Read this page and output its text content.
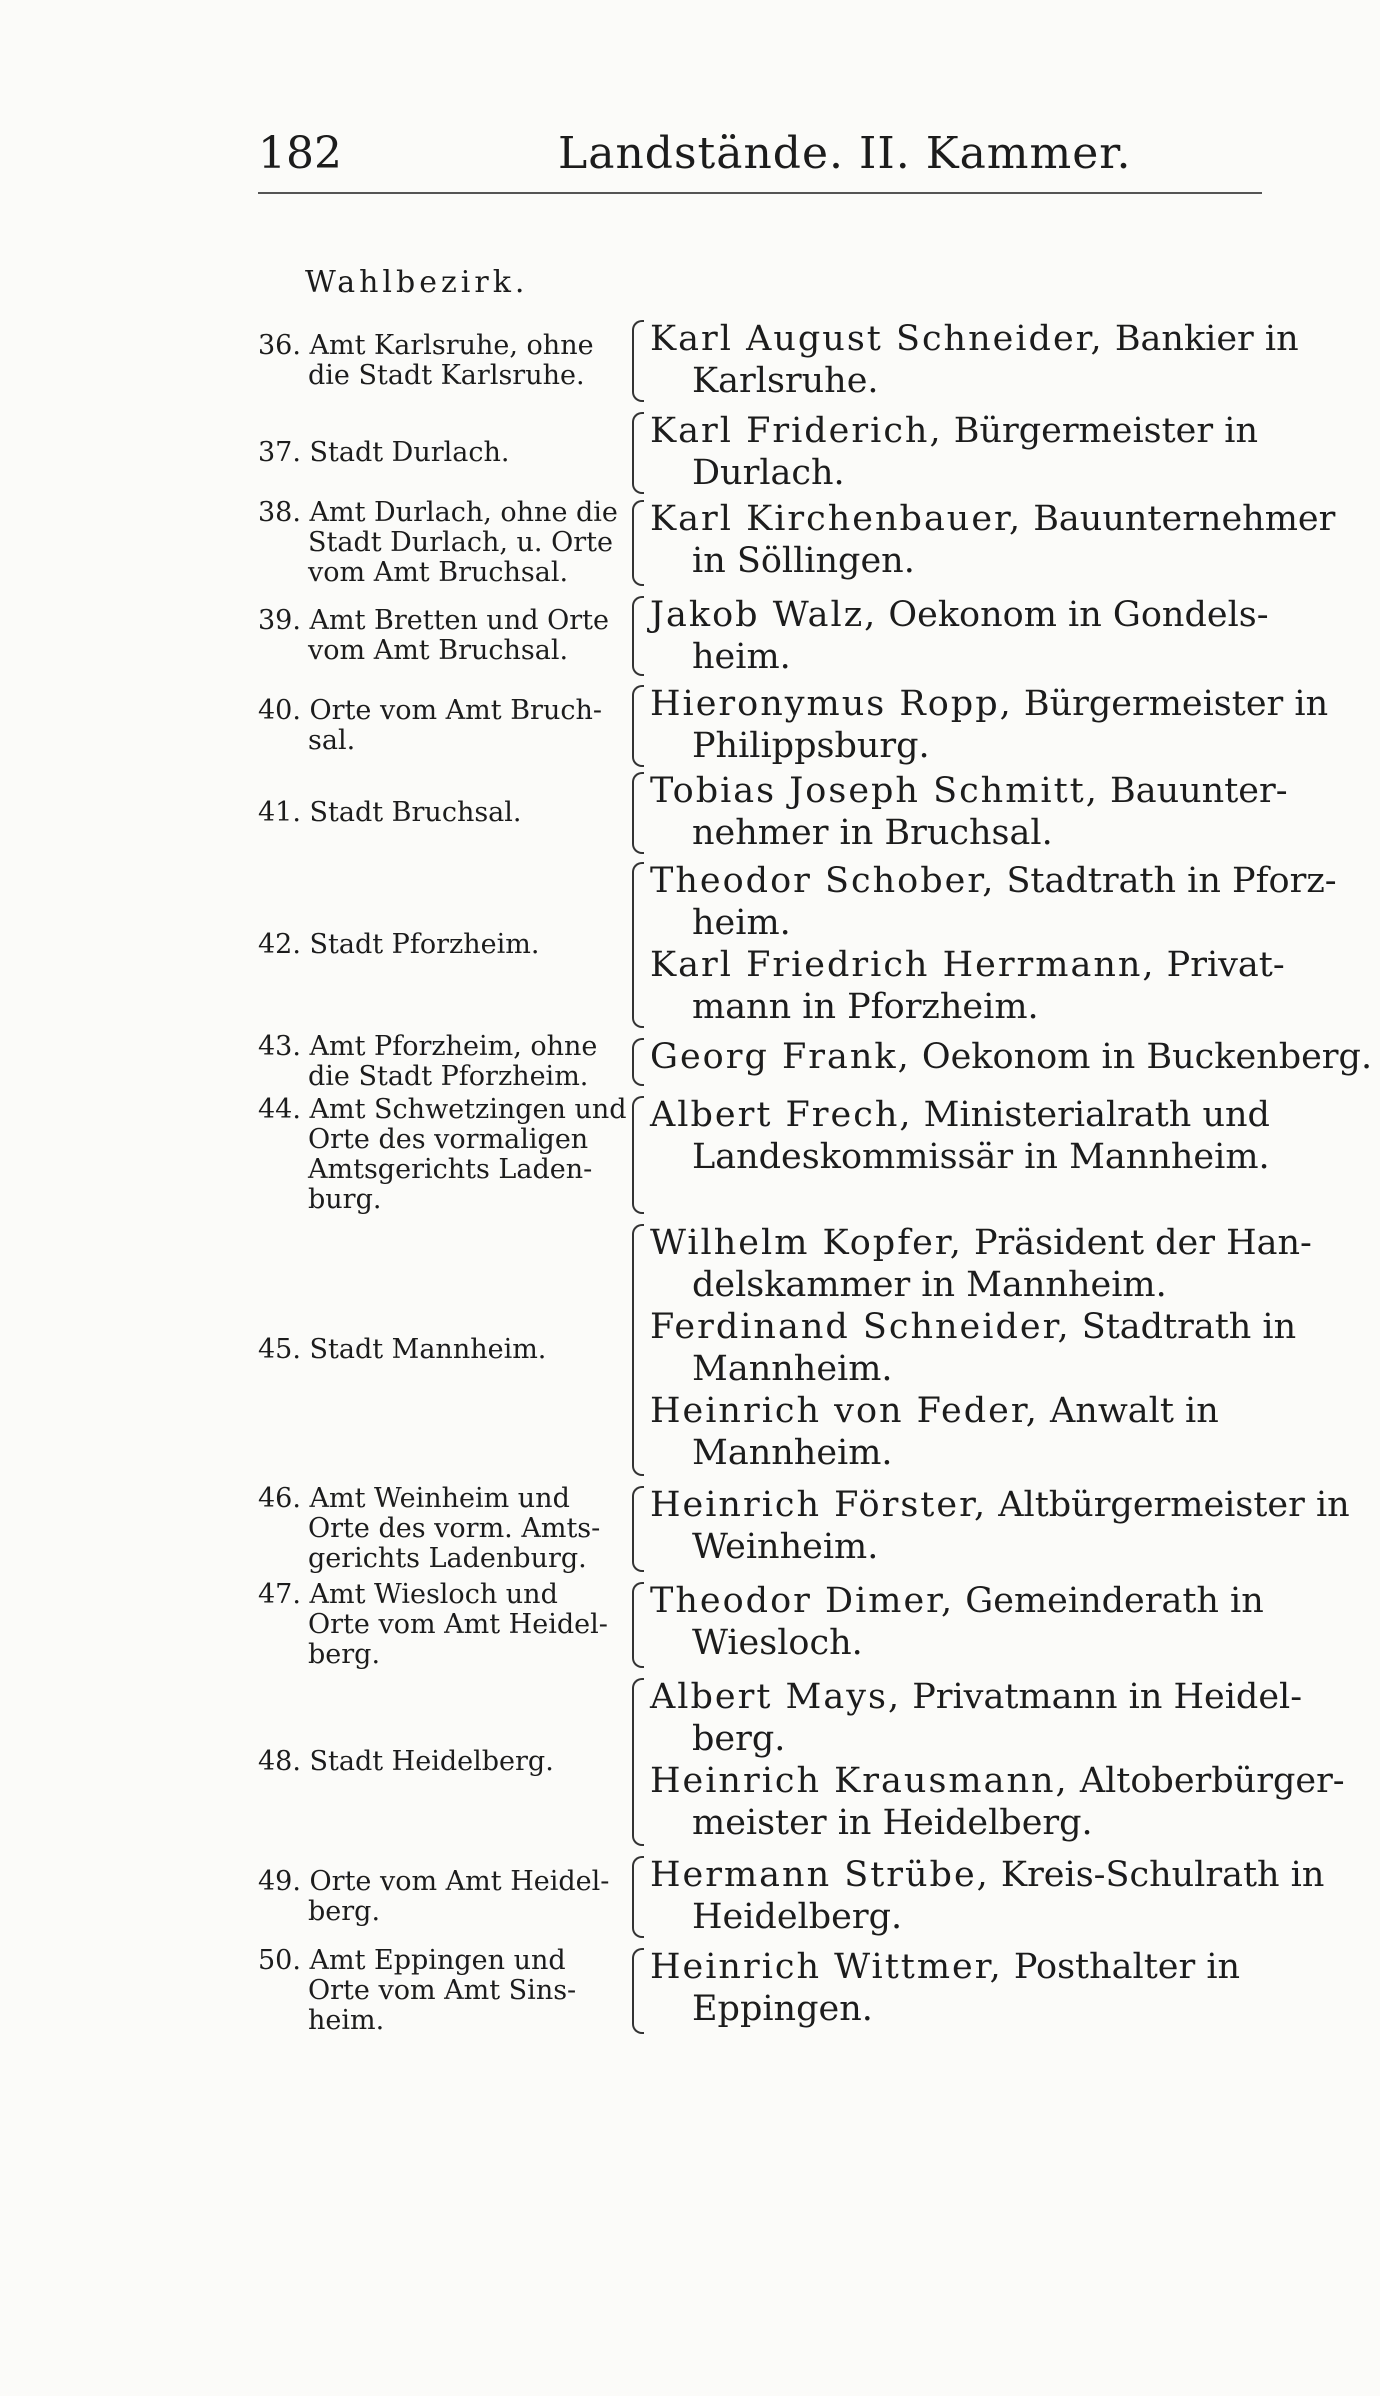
182	Landstände. II. Kammer.
Wahlbezirk.
36. Amt Karlsruhe, ohne
die Stadt Karlsruhe.
Karl August Schneider, Bankier in
Karlsruhe.
37. Stadt Durlach.
Karl Friderich, Bürgermeister in
Durlach.
38. Amt Durlach, ohne die
Stadt Durlach, u. Orte
vom Amt Bruchsal.
Karl Kirchenbauer, Bauunternehmer
in Söllingen.
39. Amt Bretten und Orte
vom Amt Bruchsal.
Jakob Walz, Oekonom in Gondels-
heim.
40. Orte vom Amt Bruch-
sal.
Hieronymus Ropp, Bürgermeister in
Philippsburg.
41. Stadt Bruchsal.
Tobias Joseph Schmitt, Bauunter-
nehmer in Bruchsal.
42. Stadt Pforzheim.
Theodor Schober, Stadtrath in Pforz-
heim.
Karl Friedrich Herrmann, Privat-
mann in Pforzheim.
43. Amt Pforzheim, ohne
die Stadt Pforzheim.	Georg Frank, Oekonom in Buckenberg.
44. Amt Schwetzingen und
Orte des vormaligen
Amtsgerichts Laden-
burg.
Albert Frech, Ministerialrath und
Landeskommissär in Mannheim.
45. Stadt Mannheim.
Wilhelm Kopfer, Präsident der Han-
delskammer in Mannheim.
Ferdinand Schneider, Stadtrath in
Mannheim.
Heinrich von Feder, Anwalt in
Mannheim.
46. Amt Weinheim und
Orte des vorm. Amts-
gerichts Ladenburg.
Heinrich Förster, Altbürgermeister in
Weinheim.
47. Amt Wiesloch und
Orte vom Amt Heidel-
berg.
Theodor Dimer, Gemeinderath in
Wiesloch.
48. Stadt Heidelberg.
Albert Mays, Privatmann in Heidel-
berg.
Heinrich Krausmann, Altoberbürger-
meister in Heidelberg.
49. Orte vom Amt Heidel-
berg.
Hermann Strübe, Kreis-Schulrath in
Heidelberg.
50. Amt Eppingen und
Orte vom Amt Sins-
heim.
Heinrich Wittmer, Posthalter in
Eppingen.
